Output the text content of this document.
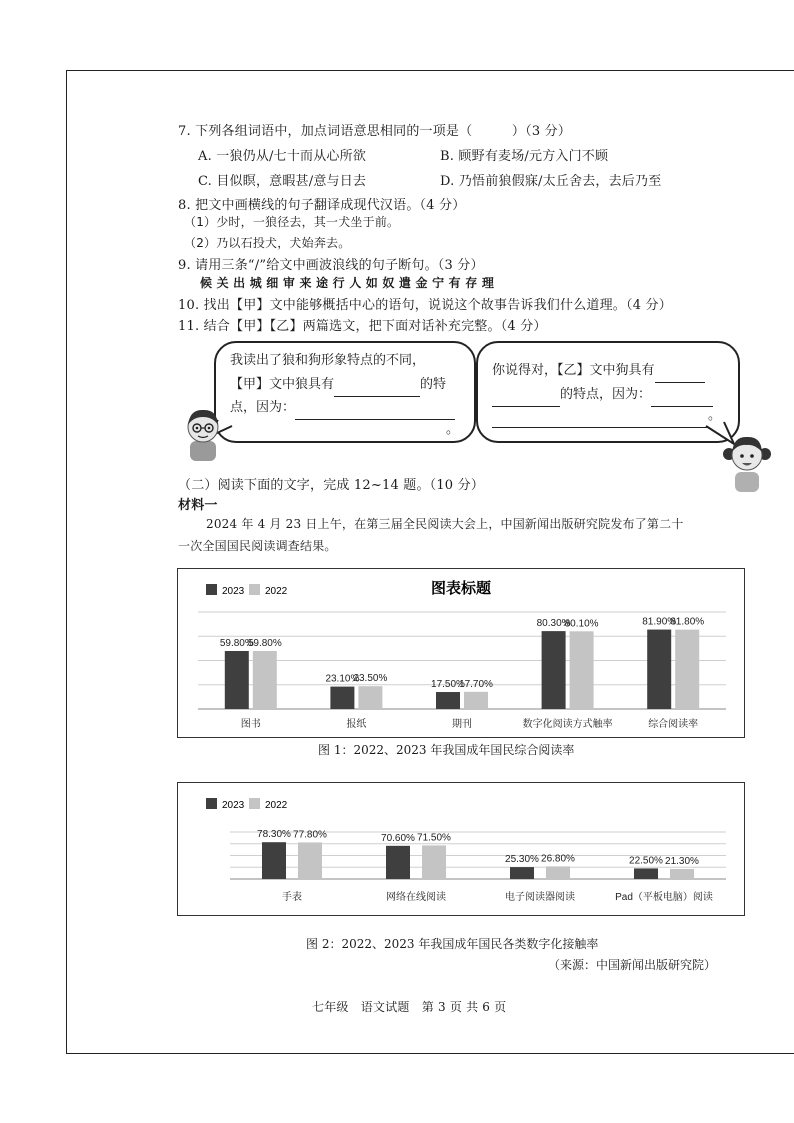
7. 下列各组词语中，加点词语意思相同的一项是（　　　）（3 分）
A. 一狼仍从/七十而从心所欲	B. 顾野有麦场/元方入门不顾
C. 目似瞑，意暇甚/意与日去	D. 乃悟前狼假寐/太丘舍去，去后乃至
8. 把文中画横线的句子翻译成现代汉语。（4 分）
（1）少时，一狼径去，其一犬坐于前。
（2）乃以石投犬，犬始奔去。
9. 请用三条“/”给文中画波浪线的句子断句。（3 分）
候 关 出 城 细 审 来 途 行 人 如 奴 遣 金 宁 有 存 理
10. 找出【甲】文中能够概括中心的语句，说说这个故事告诉我们什么道理。（4 分）
11. 结合【甲】【乙】两篇选文，把下面对话补充完整。（4 分）
我读出了狼和狗形象特点的不同，
【甲】文中狼具有	的特
点，因为：
。
你说得对，【乙】文中狗具有
的特点，因为：
。
（二）阅读下面的文字，完成 12~14 题。（10 分）
材料一
2024 年 4 月 23 日上午，在第三届全民阅读大会上，中国新闻出版研究院发布了第二十
一次全国国民阅读调查结果。
2023 2022	图表标题
59.80%
59.80%
图书
23.10%
23.50%
报纸
17.50%
17.70%
期刊
80.30%
80.10%
数字化阅读方式触率
81.90%
81.80%
综合阅读率
图 1：2022、2023 年我国成年国民综合阅读率
2023 2022
78.30% 77.80%
手表
70.60% 71.50%
网络在线阅读
25.30% 26.80%
电子阅读器阅读
22.50% 21.30%
Pad（平板电脑）阅读
图 2：2022、2023 年我国成年国民各类数字化接触率
（来源：中国新闻出版研究院）
七年级　语文试题　第 3 页 共 6 页
